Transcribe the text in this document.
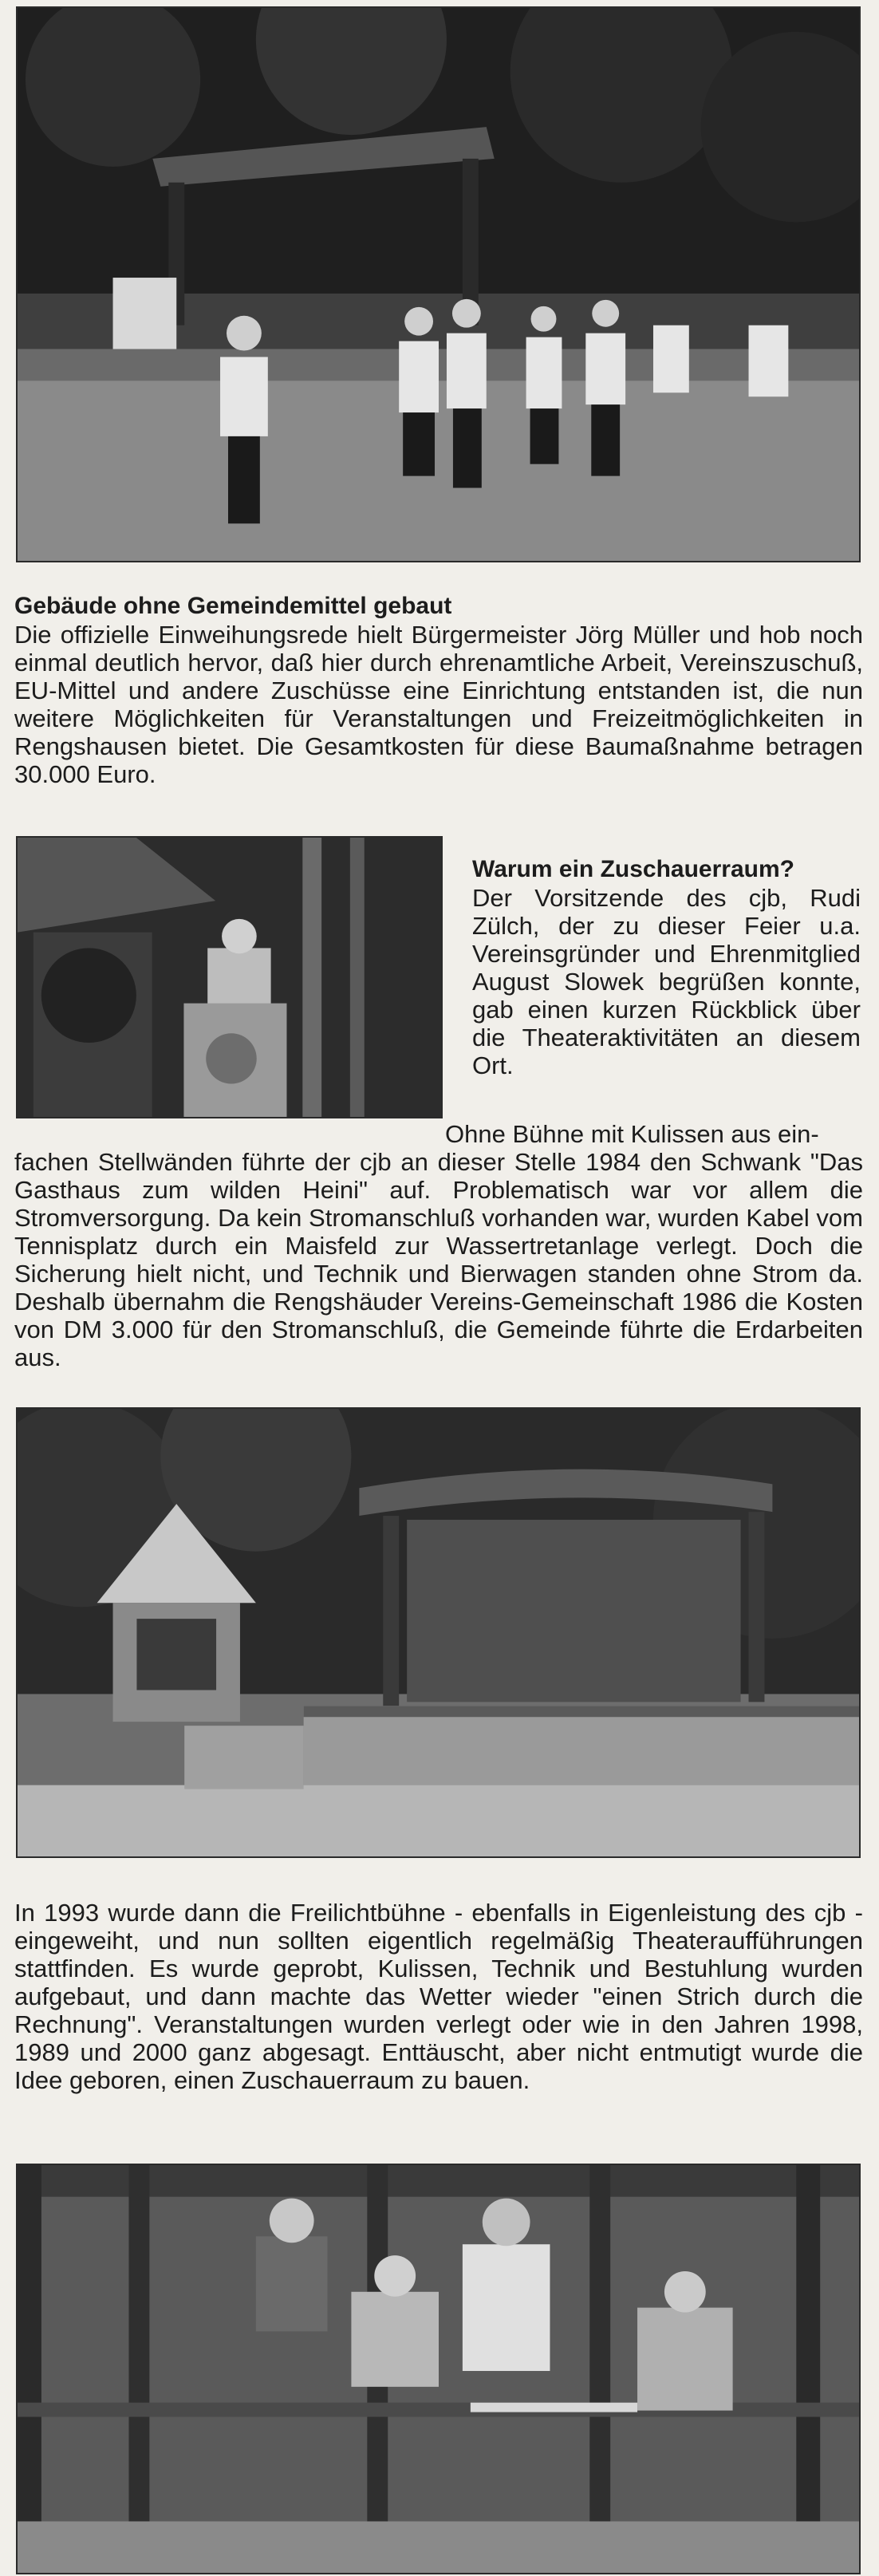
Gebäude ohne Gemeindemittel gebaut

Die offizielle Einweihungsrede hielt Bürgermeister Jörg Müller und hob noch einmal deutlich hervor, daß hier durch ehrenamtliche Arbeit, Vereinszuschuß, EU-Mittel und andere Zuschüsse eine Einrichtung entstanden ist, die nun weitere Möglichkeiten für Veranstaltungen und Freizeitmöglichkeiten in Rengshausen bietet. Die Gesamtkosten für diese Baumaßnahme betragen 30.000 Euro.

Warum ein Zuschauerraum?

Der Vorsitzende des cjb, Rudi Zülch, der zu dieser Feier u.a. Vereinsgründer und Ehrenmitglied August Slowek begrüßen konnte, gab einen kurzen Rückblick über die Theateraktivitäten an diesem Ort.

Ohne Bühne mit Kulissen aus ein-

fachen Stellwänden führte der cjb an dieser Stelle 1984 den Schwank "Das Gasthaus zum wilden Heini" auf. Problematisch war vor allem die Stromversorgung. Da kein Stromanschluß vorhanden war, wurden Kabel vom Tennisplatz durch ein Maisfeld zur Wassertretanlage verlegt. Doch die Sicherung hielt nicht, und Technik und Bierwagen standen ohne Strom da. Deshalb übernahm die Rengshäuder Vereins-Gemeinschaft 1986 die Kosten von DM 3.000 für den Stromanschluß, die Gemeinde führte die Erdarbeiten aus.

In 1993 wurde dann die Freilichtbühne - ebenfalls in Eigenleistung des cjb - eingeweiht, und nun sollten eigentlich regelmäßig Theateraufführungen stattfinden. Es wurde geprobt, Kulissen, Technik und Bestuhlung wurden aufgebaut, und dann machte das Wetter wieder "einen Strich durch die Rechnung". Veranstaltungen wurden verlegt oder wie in den Jahren 1998, 1989 und 2000 ganz abgesagt. Enttäuscht, aber nicht entmutigt wurde die Idee geboren, einen Zuschauerraum zu bauen.
